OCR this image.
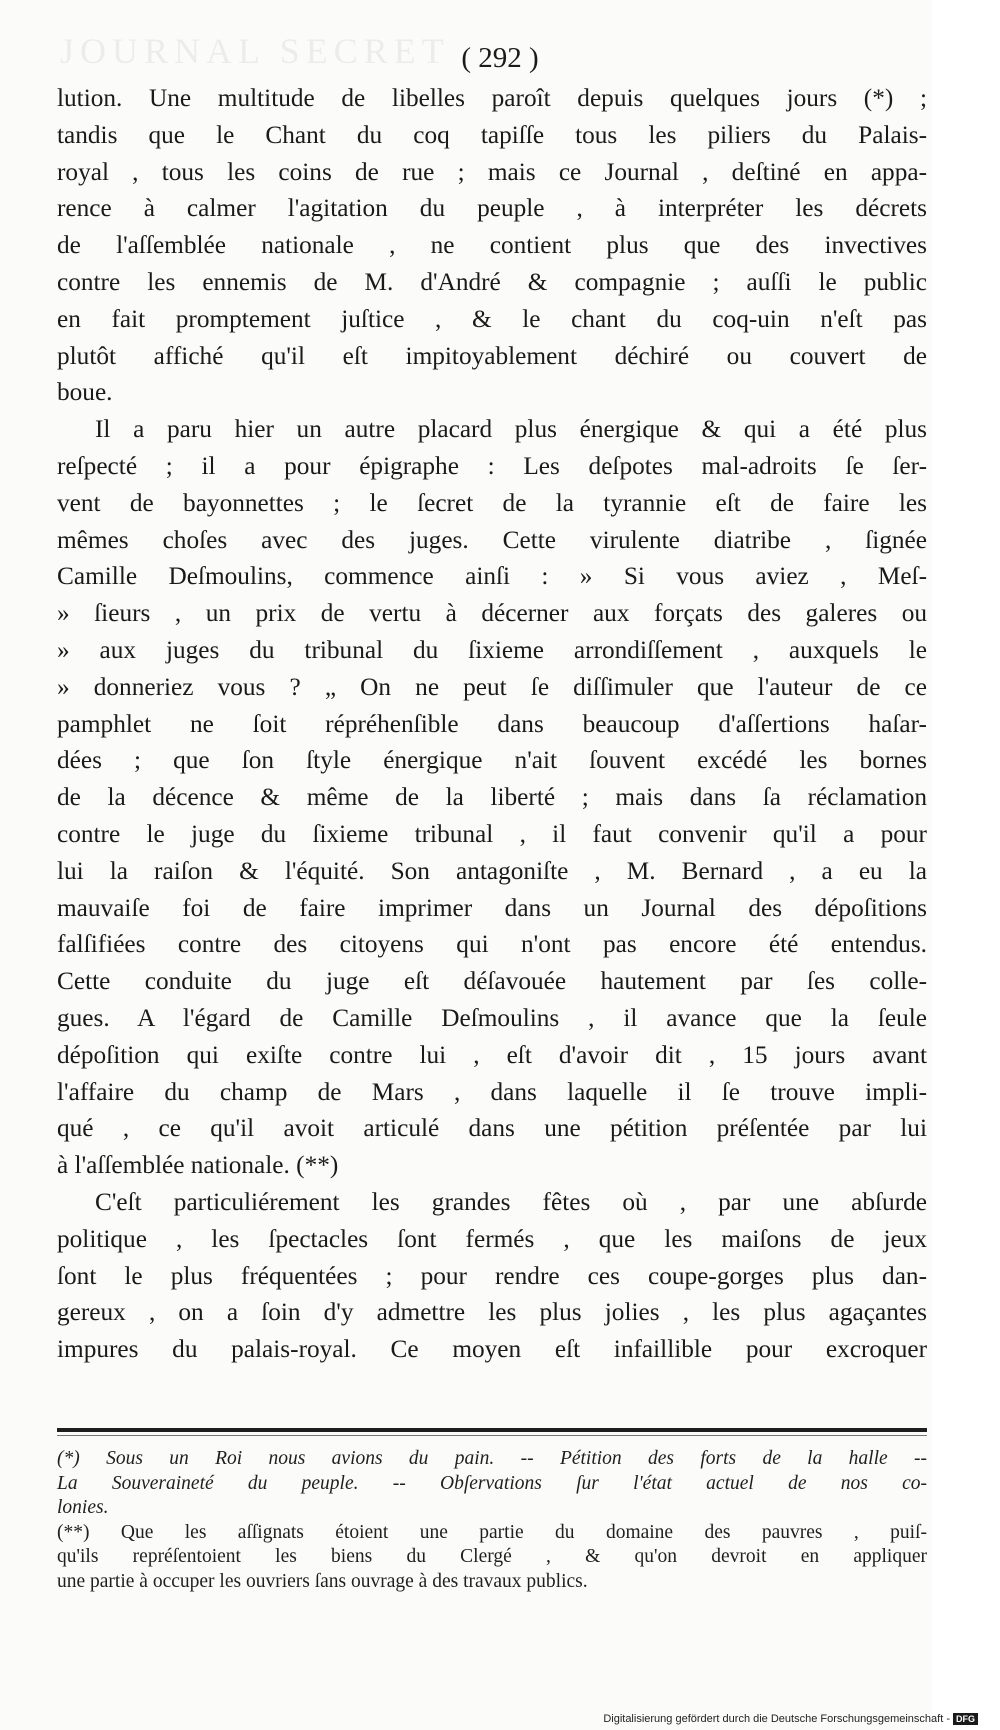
JOURNAL SECRET ( 292 )
lution. Une multitude de libelles paroît depuis quelques jours (*) ;
tandis que le Chant du coq tapiſſe tous les piliers du Palais-
royal , tous les coins de rue ; mais ce Journal , deſtiné en appa-
rence à calmer l'agitation du peuple , à interpréter les décrets
de l'aſſemblée nationale , ne contient plus que des invectives
contre les ennemis de M. d'André & compagnie ; auſſi le public
en fait promptement juſtice , & le chant du coq-uin n'eſt pas
plutôt affiché qu'il eſt impitoyablement déchiré ou couvert de
boue.
Il a paru hier un autre placard plus énergique & qui a été plus
reſpecté ; il a pour épigraphe : Les deſpotes mal-adroits ſe ſer-
vent de bayonnettes ; le ſecret de la tyrannie eſt de faire les
mêmes choſes avec des juges. Cette virulente diatribe , ſignée
Camille Deſmoulins, commence ainſi : » Si vous aviez , Meſ-
» ſieurs , un prix de vertu à décerner aux forçats des galeres ou
» aux juges du tribunal du ſixieme arrondiſſement , auxquels le
» donneriez vous ? „ On ne peut ſe diſſimuler que l'auteur de ce
pamphlet ne ſoit répréhenſible dans beaucoup d'aſſertions haſar-
dées ; que ſon ſtyle énergique n'ait ſouvent excédé les bornes
de la décence & même de la liberté ; mais dans ſa réclamation
contre le juge du ſixieme tribunal , il faut convenir qu'il a pour
lui la raiſon & l'équité. Son antagoniſte , M. Bernard , a eu la
mauvaiſe foi de faire imprimer dans un Journal des dépoſitions
falſifiées contre des citoyens qui n'ont pas encore été entendus.
Cette conduite du juge eſt déſavouée hautement par ſes colle-
gues. A l'égard de Camille Deſmoulins , il avance que la ſeule
dépoſition qui exiſte contre lui , eſt d'avoir dit , 15 jours avant
l'affaire du champ de Mars , dans laquelle il ſe trouve impli-
qué , ce qu'il avoit articulé dans une pétition préſentée par lui
à l'aſſemblée nationale. (**)
C'eſt particuliérement les grandes fêtes où , par une abſurde
politique , les ſpectacles ſont fermés , que les maiſons de jeux
ſont le plus fréquentées ; pour rendre ces coupe-gorges plus dan-
gereux , on a ſoin d'y admettre les plus jolies , les plus agaçantes
impures du palais-royal. Ce moyen eſt infaillible pour excroquer
(*) Sous un Roi nous avions du pain. -- Pétition des forts de la halle --
La Souveraineté du peuple. -- Obſervations ſur l'état actuel de nos co-
lonies.
(**) Que les aſſignats étoient une partie du domaine des pauvres , puiſ-
qu'ils repréſentoient les biens du Clergé , & qu'on devroit en appliquer
une partie à occuper les ouvriers ſans ouvrage à des travaux publics.
Digitalisierung gefördert durch die Deutsche Forschungsgemeinschaft - DFG
